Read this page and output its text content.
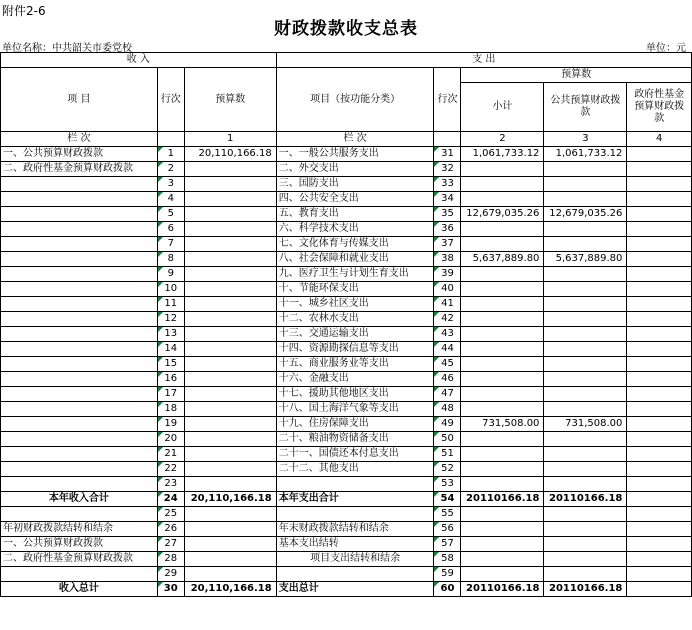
附件2-6
财政拨款收支总表
单位名称：中共韶关市委党校	单位：元
收 入			支 出				
项 目	行次	预算数	项目（按功能分类）	行次	预算数		
					小计	公共预算财政拨款	政府性基金预算财政拨款
栏 次		1	栏 次		2	3	4
一、公共预算财政拨款	1	20,110,166.18	一、一般公共服务支出	31	1,061,733.12	1,061,733.12	
二、政府性基金预算财政拨款	2		二、外交支出	32			
	3		三、国防支出	33			
	4		四、公共安全支出	34			
	5		五、教育支出	35	12,679,035.26	12,679,035.26	
	6		六、科学技术支出	36			
	7		七、文化体育与传媒支出	37			
	8		八、社会保障和就业支出	38	5,637,889.80	5,637,889.80	
	9		九、医疗卫生与计划生育支出	39			
	10		十、节能环保支出	40			
	11		十一、城乡社区支出	41			
	12		十二、农林水支出	42			
	13		十三、交通运输支出	43			
	14		十四、资源勘探信息等支出	44			
	15		十五、商业服务业等支出	45			
	16		十六、金融支出	46			
	17		十七、援助其他地区支出	47			
	18		十八、国土海洋气象等支出	48			
	19		十九、住房保障支出	49	731,508.00	731,508.00	
	20		二十、粮油物资储备支出	50			
	21		二十一、国债还本付息支出	51			
	22		二十二、其他支出	52			
	23			53			
本年收入合计	24	20,110,166.18	本年支出合计	54	20110166.18	20110166.18	
	25			55			
年初财政拨款结转和结余	26		年末财政拨款结转和结余	56			
一、公共预算财政拨款	27		基本支出结转	57			
二、政府性基金预算财政拨款	28		项目支出结转和结余	58			
	29			59			
收入总计	30	20,110,166.18	支出总计	60	20110166.18	20110166.18	
